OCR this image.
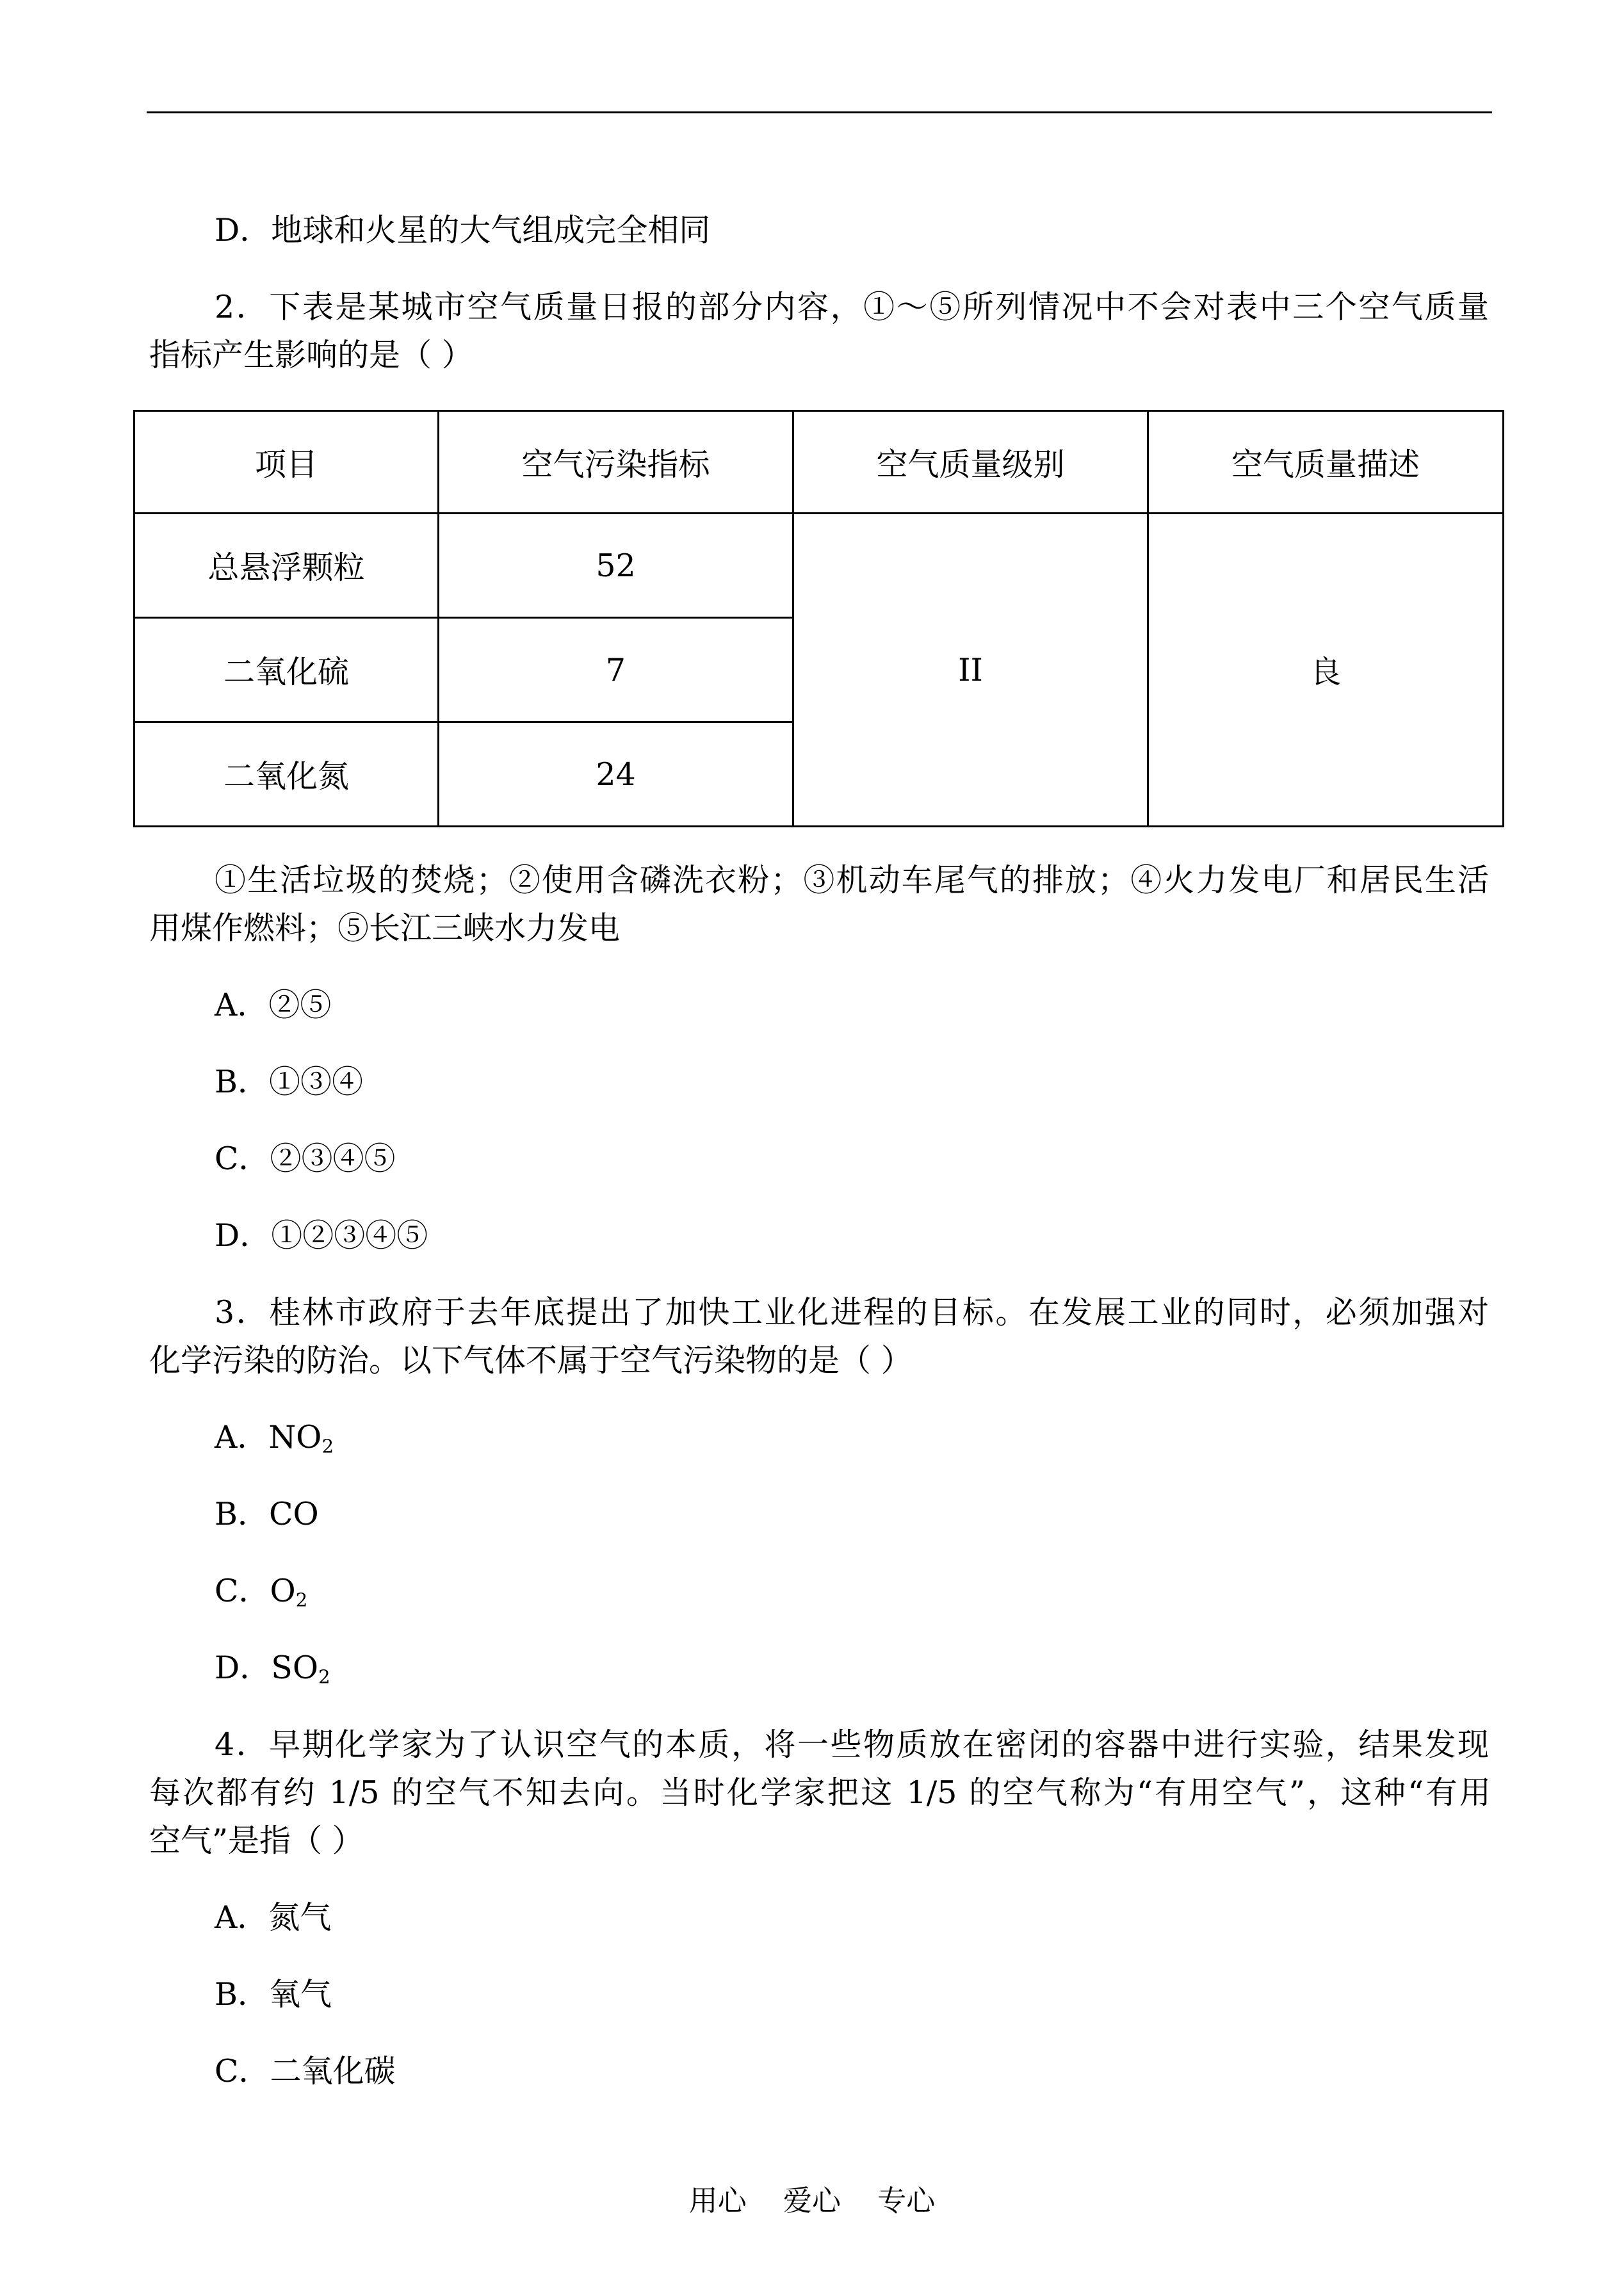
D．地球和火星的大气组成完全相同
2．下表是某城市空气质量日报的部分内容，①～⑤所列情况中不会对表中三个空气质量
指标产生影响的是（ ）
项目	空气污染指标	空气质量级别	空气质量描述
总悬浮颗粒	52	II	良
二氧化硫	7		
二氧化氮	24		
①生活垃圾的焚烧；②使用含磷洗衣粉；③机动车尾气的排放；④火力发电厂和居民生活
用煤作燃料；⑤长江三峡水力发电
A．②⑤
B．①③④
C．②③④⑤
D．①②③④⑤
3．桂林市政府于去年底提出了加快工业化进程的目标。在发展工业的同时，必须加强对
化学污染的防治。以下气体不属于空气污染物的是（ ）
A．$NO_2$
B．CO
C．$O_2$
D．$SO_2$
4．早期化学家为了认识空气的本质，将一些物质放在密闭的容器中进行实验，结果发现
每次都有约 1/5 的空气不知去向。当时化学家把这 1/5 的空气称为“有用空气”，这种“有用
空气”是指（ ）
A．氮气
B．氧气
C．二氧化碳
用心    爱心    专心
